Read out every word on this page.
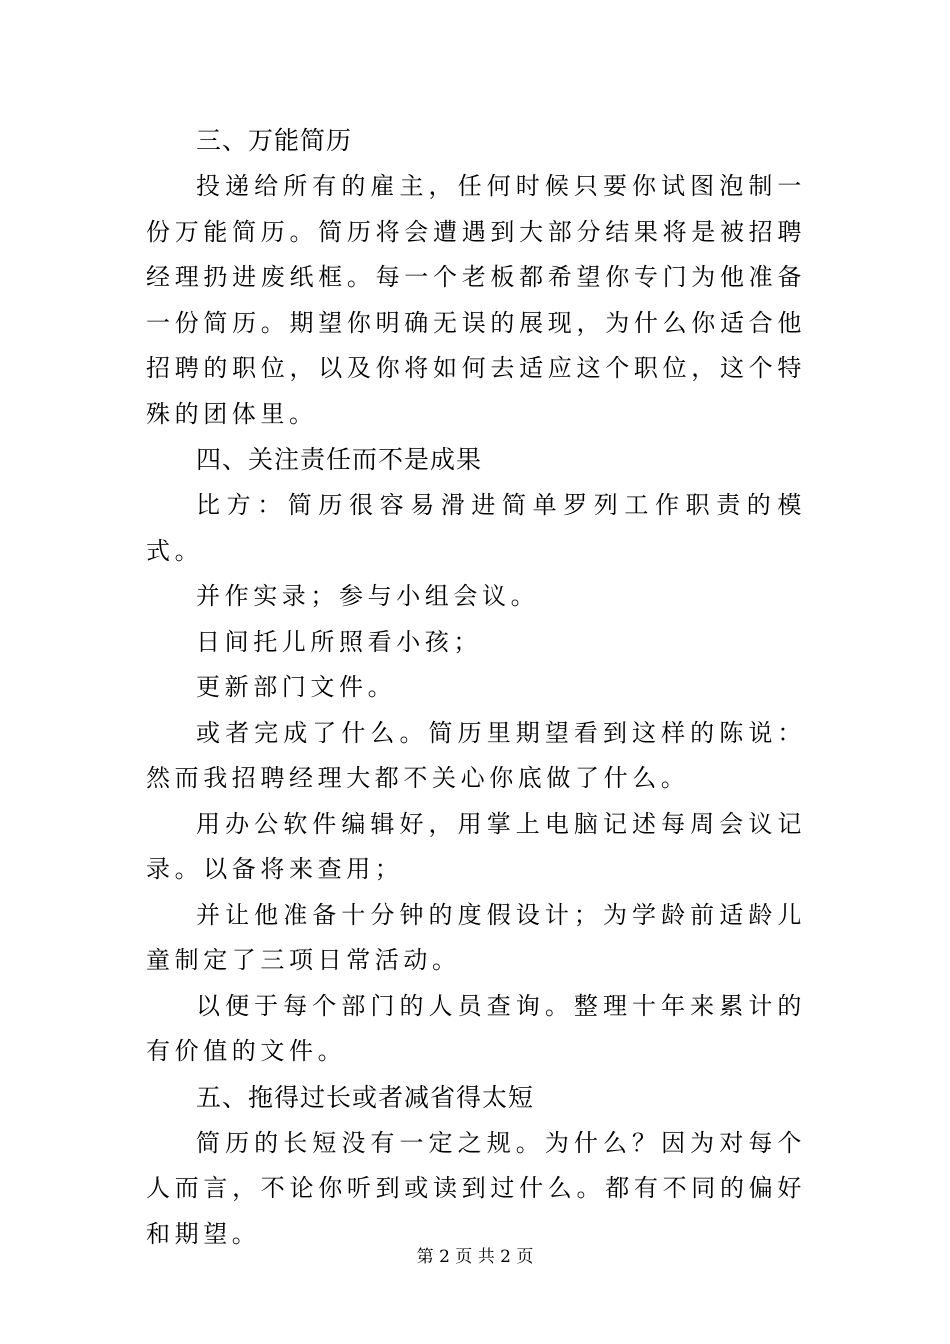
三、万能简历

投递给所有的雇主，任何时候只要你试图泡制一份万能简历。简历将会遭遇到大部分结果将是被招聘经理扔进废纸框。每一个老板都希望你专门为他准备一份简历。期望你明确无误的展现，为什么你适合他招聘的职位，以及你将如何去适应这个职位，这个特殊的团体里。

四、关注责任而不是成果

比方：简历很容易滑进简单罗列工作职责的模式。

并作实录；参与小组会议。

日间托儿所照看小孩；

更新部门文件。

或者完成了什么。简历里期望看到这样的陈说：然而我招聘经理大都不关心你底做了什么。

用办公软件编辑好，用掌上电脑记述每周会议记录。以备将来查用；

并让他准备十分钟的度假设计；为学龄前适龄儿童制定了三项日常活动。

以便于每个部门的人员查询。整理十年来累计的有价值的文件。

五、拖得过长或者减省得太短

简历的长短没有一定之规。为什么？因为对每个人而言，不论你听到或读到过什么。都有不同的偏好和期望。

第 2 页 共 2 页
